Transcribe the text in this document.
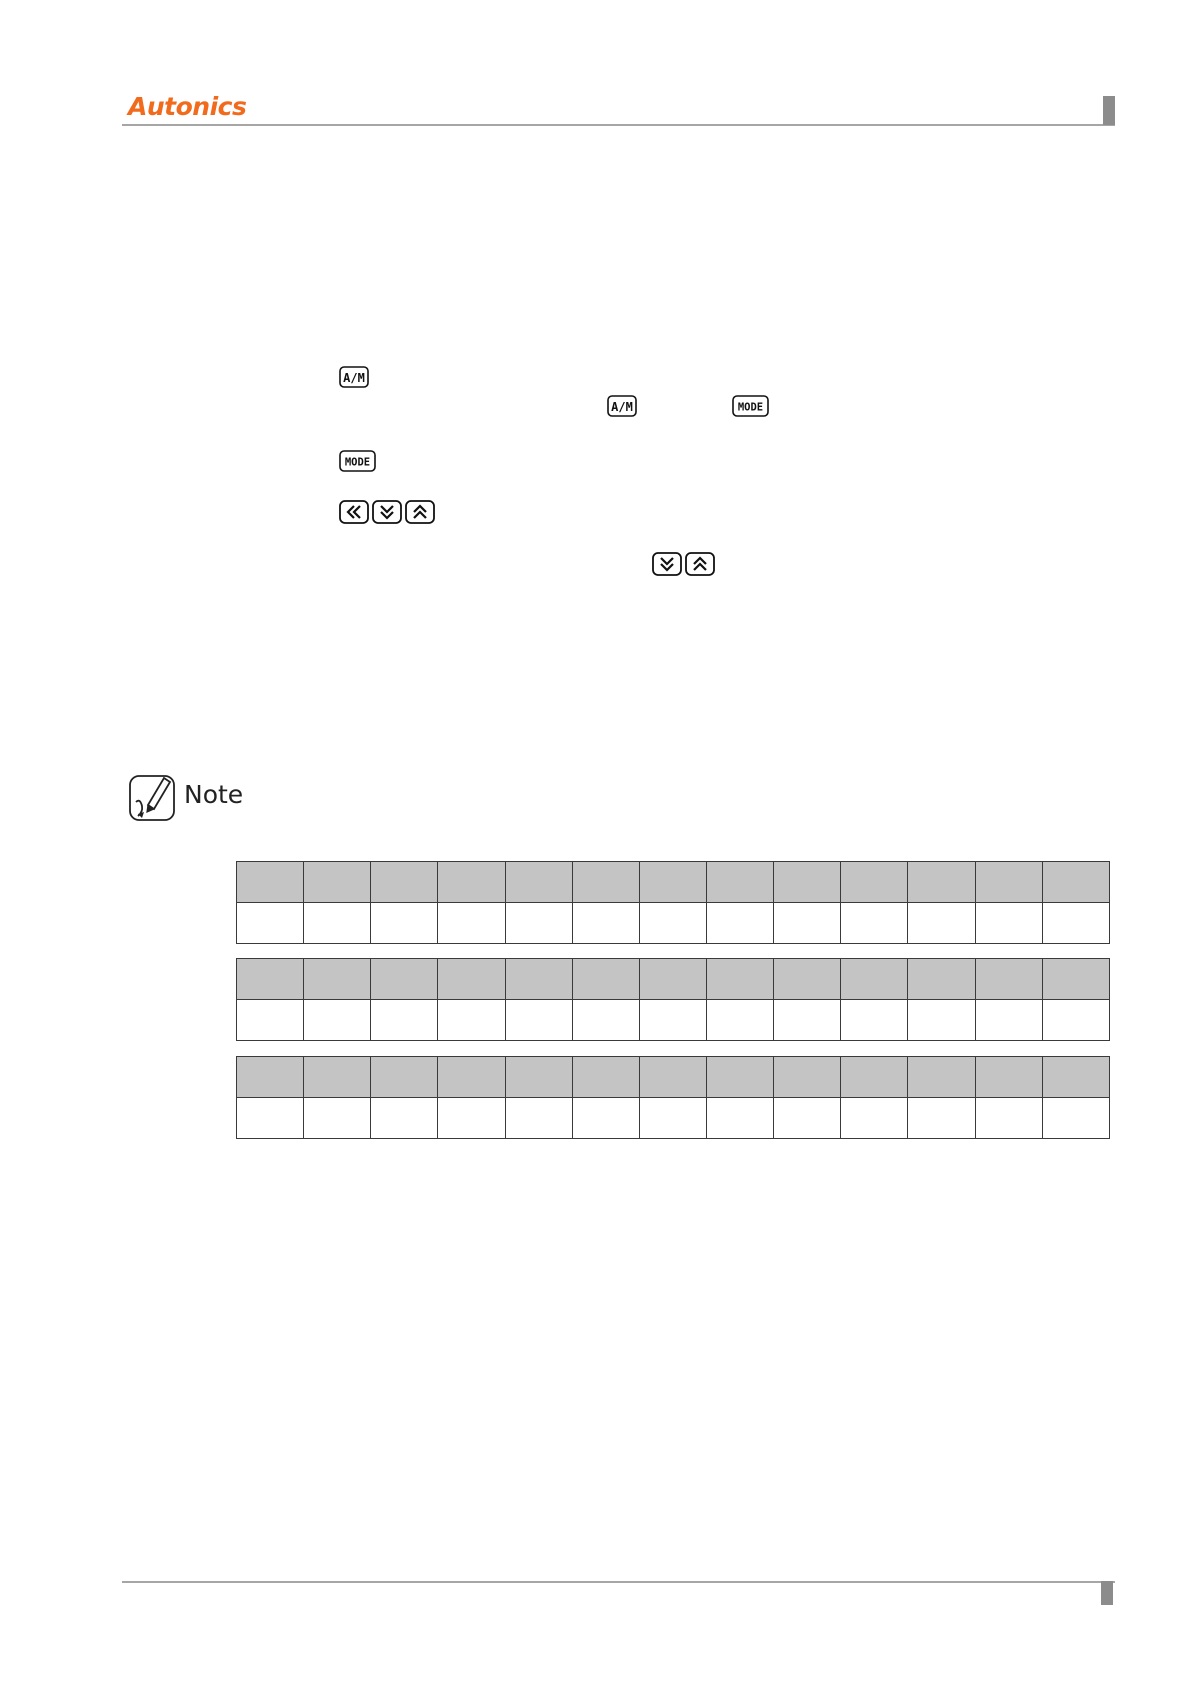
Autonics
A/M
A/M	MODE
MODE
Note
